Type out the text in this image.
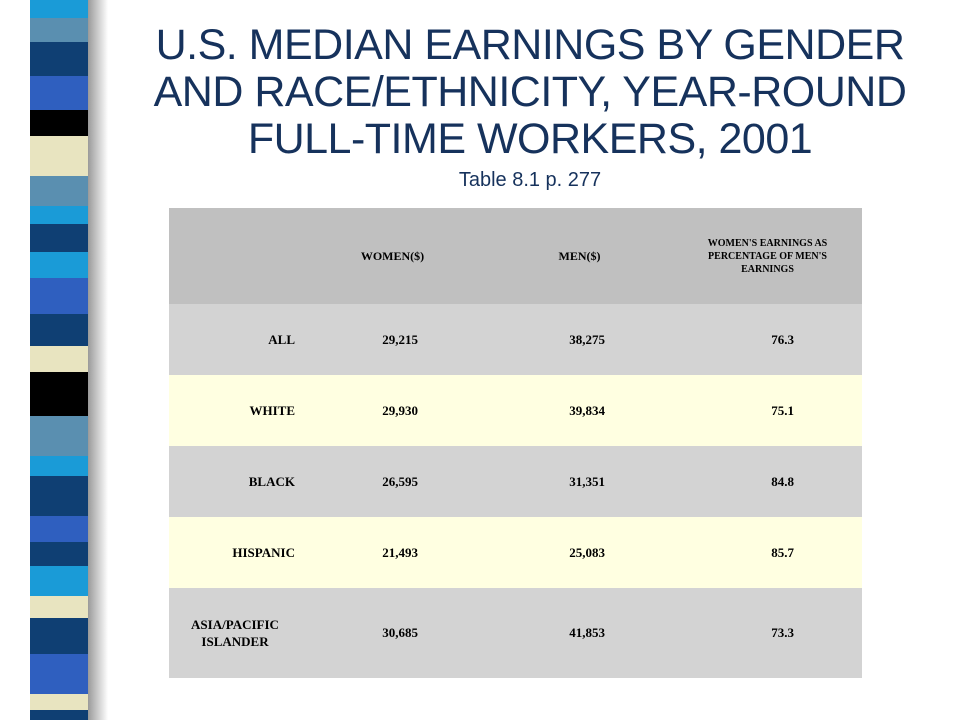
U.S. MEDIAN EARNINGS BY GENDER AND RACE/ETHNICITY, YEAR-ROUND FULL-TIME WORKERS, 2001
Table 8.1 p. 277
	WOMEN($)	MEN($)	WOMEN'S EARNINGS AS PERCENTAGE OF MEN'S EARNINGS
ALL	29,215	38,275	76.3
WHITE	29,930	39,834	75.1
BLACK	26,595	31,351	84.8
HISPANIC	21,493	25,083	85.7
ASIA/PACIFIC ISLANDER	30,685	41,853	73.3
